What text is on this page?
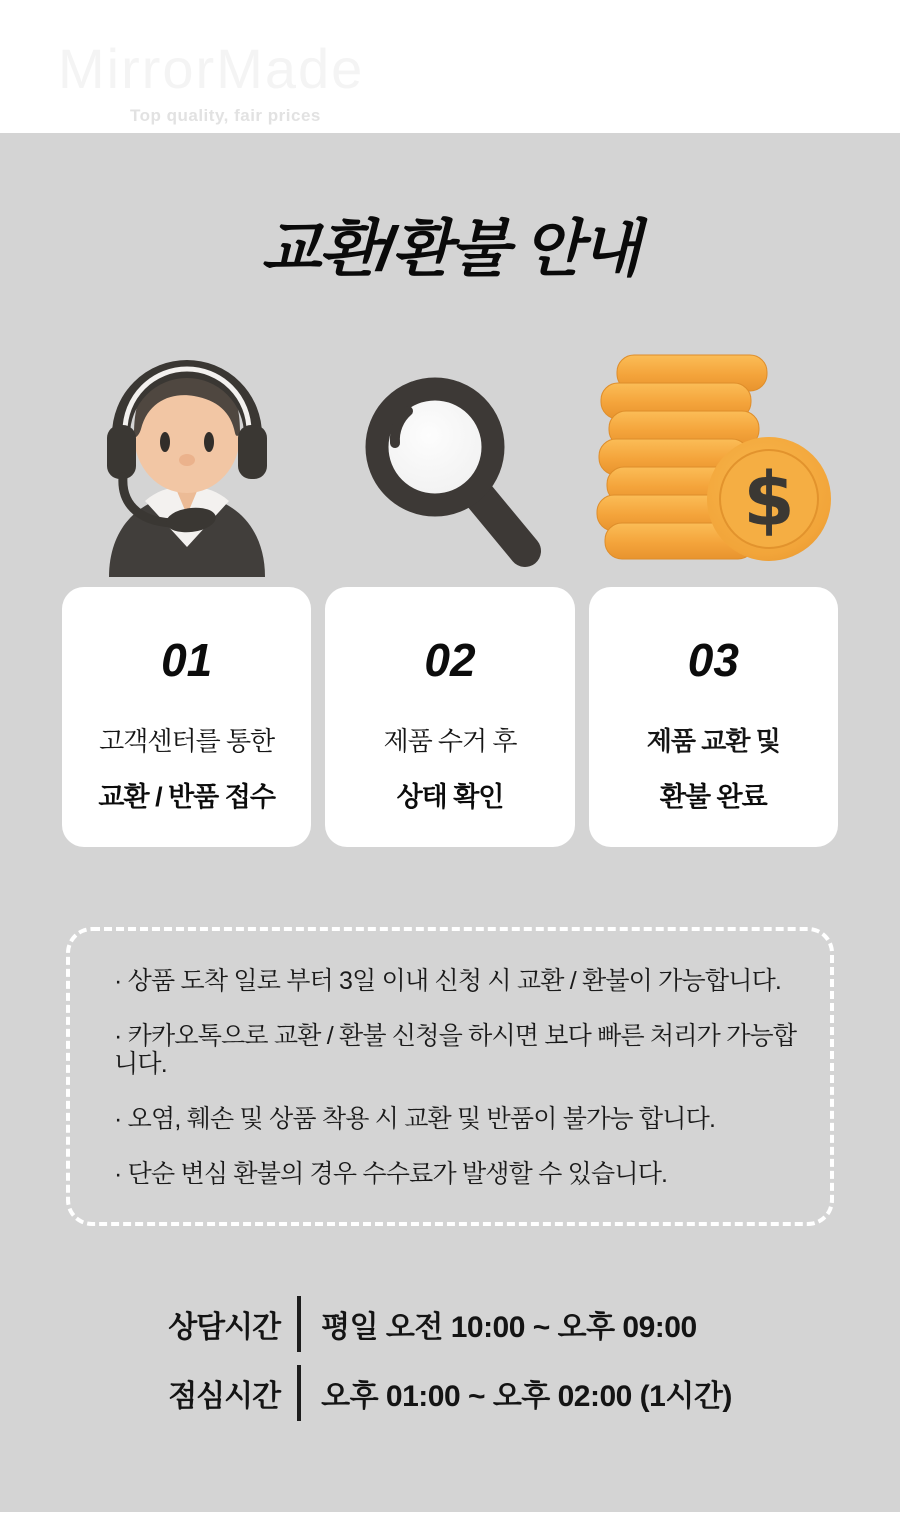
MirrorMade
Top quality, fair prices
교환/환불 안내
$
01
고객센터를 통한
교환 / 반품 접수
02
제품 수거 후
상태 확인
03
제품 교환 및
환불 완료

· 상품 도착 일로 부터 3일 이내 신청 시 교환 / 환불이 가능합니다.

· 카카오톡으로 교환 / 환불 신청을 하시면 보다 빠른 처리가 가능합니다.

· 오염, 훼손 및 상품 착용 시 교환 및 반품이 불가능 합니다.

· 단순 변심 환불의 경우 수수료가 발생할 수 있습니다.

상담시간	평일 오전 10:00 ~ 오후 09:00
점심시간	오후 01:00 ~ 오후 02:00 (1시간)
